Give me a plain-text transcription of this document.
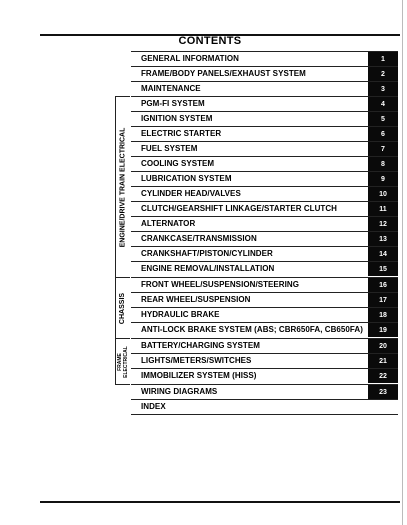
CONTENTS
ENGINE/DRIVE TRAIN ELECTRICAL
CHASSIS
FRAME ELECTRICAL
GENERAL INFORMATION	1
FRAME/BODY PANELS/EXHAUST SYSTEM	2
MAINTENANCE	3
PGM-FI SYSTEM	4
IGNITION SYSTEM	5
ELECTRIC STARTER	6
FUEL SYSTEM	7
COOLING SYSTEM	8
LUBRICATION SYSTEM	9
CYLINDER HEAD/VALVES	10
CLUTCH/GEARSHIFT LINKAGE/STARTER CLUTCH	11
ALTERNATOR	12
CRANKCASE/TRANSMISSION	13
CRANKSHAFT/PISTON/CYLINDER	14
ENGINE REMOVAL/INSTALLATION	15
FRONT WHEEL/SUSPENSION/STEERING	16
REAR WHEEL/SUSPENSION	17
HYDRAULIC BRAKE	18
ANTI-LOCK BRAKE SYSTEM (ABS; CBR650FA, CB650FA)	19
BATTERY/CHARGING SYSTEM	20
LIGHTS/METERS/SWITCHES	21
IMMOBILIZER SYSTEM (HISS)	22
WIRING DIAGRAMS	23
INDEX
